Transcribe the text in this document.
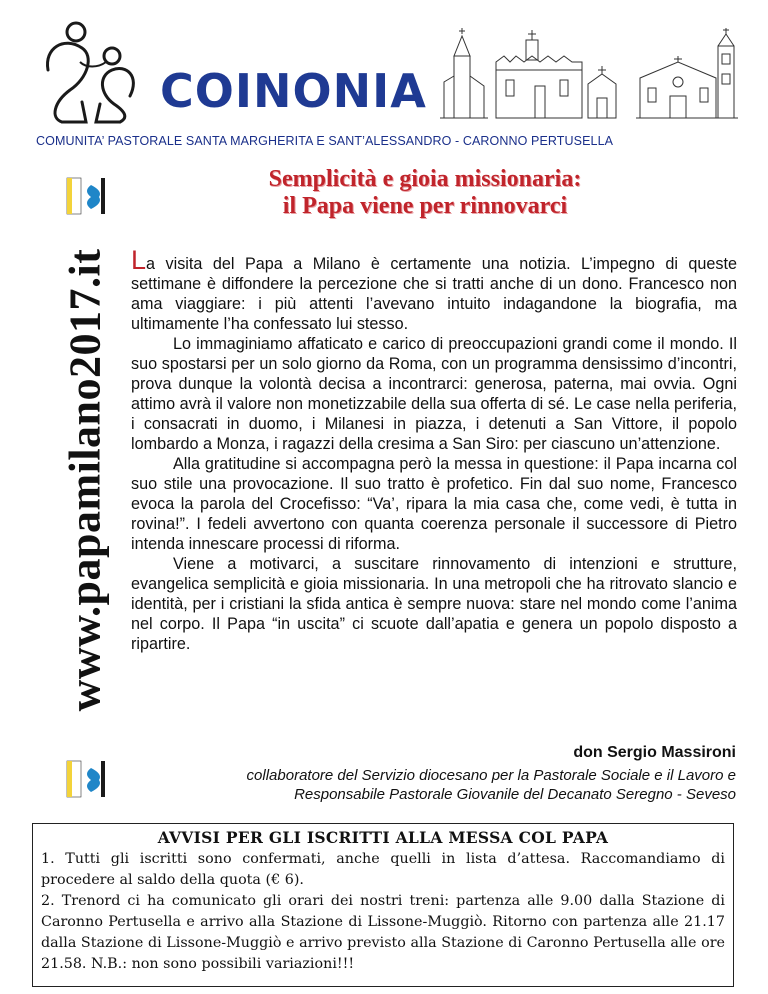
COINONIA
COMUNITA’ PASTORALE SANTA MARGHERITA E SANT’ALESSANDRO - CARONNO PERTUSELLA
www.papamilano2017.it
Semplicità e gioia missionaria:
il Papa viene per rinnovarci

La visita del Papa a Milano è certamente una notizia. L’impegno di queste settimane è diffondere la percezione che si tratti anche di un dono. Francesco non ama viaggiare: i più attenti l’avevano intuito indagandone la biografia, ma ultimamente l’ha confessato lui stesso.

Lo immaginiamo affaticato e carico di preoccupazioni grandi come il mondo. Il suo spostarsi per un solo giorno da Roma, con un programma densissimo d’incontri, prova dunque la volontà decisa a incontrarci: generosa, paterna, mai ovvia. Ogni attimo avrà il valore non monetizzabile della sua offerta di sé. Le case nella periferia, i consacrati in duomo, i Milanesi in piazza, i detenuti a San Vittore, il popolo lombardo a Monza, i ragazzi della cresima a San Siro: per ciascuno un’attenzione.

Alla gratitudine si accompagna però la messa in questione: il Papa incarna col suo stile una provocazione. Il suo tratto è profetico. Fin dal suo nome, Francesco evoca la parola del Crocefisso: “Va’, ripara la mia casa che, come vedi, è tutta in rovina!”. I fedeli avvertono con quanta coerenza personale il successore di Pietro intenda innescare processi di riforma.

Viene a motivarci, a suscitare rinnovamento di intenzioni e strutture, evangelica semplicità e gioia missionaria. In una metropoli che ha ritrovato slancio e identità, per i cristiani la sfida antica è sempre nuova: stare nel mondo come l’anima nel corpo. Il Papa “in uscita” ci scuote dall’apatia e genera un popolo disposto a ripartire.

don Sergio Massironi
collaboratore del Servizio diocesano per la Pastorale Sociale e il Lavoro e
Responsabile Pastorale Giovanile del Decanato Seregno - Seveso
AVVISI PER GLI ISCRITTI ALLA MESSA COL PAPA

1. Tutti gli iscritti sono confermati, anche quelli in lista d’attesa. Raccomandiamo di procedere al saldo della quota (€ 6).

2. Trenord ci ha comunicato gli orari dei nostri treni: partenza alle 9.00 dalla Stazione di Caronno Pertusella e arrivo alla Stazione di Lissone-Muggiò. Ritorno con partenza alle 21.17 dalla Stazione di Lissone-Muggiò e arrivo previsto alla Stazione di Caronno Pertusella alle ore 21.58. N.B.: non sono possibili variazioni!!!
